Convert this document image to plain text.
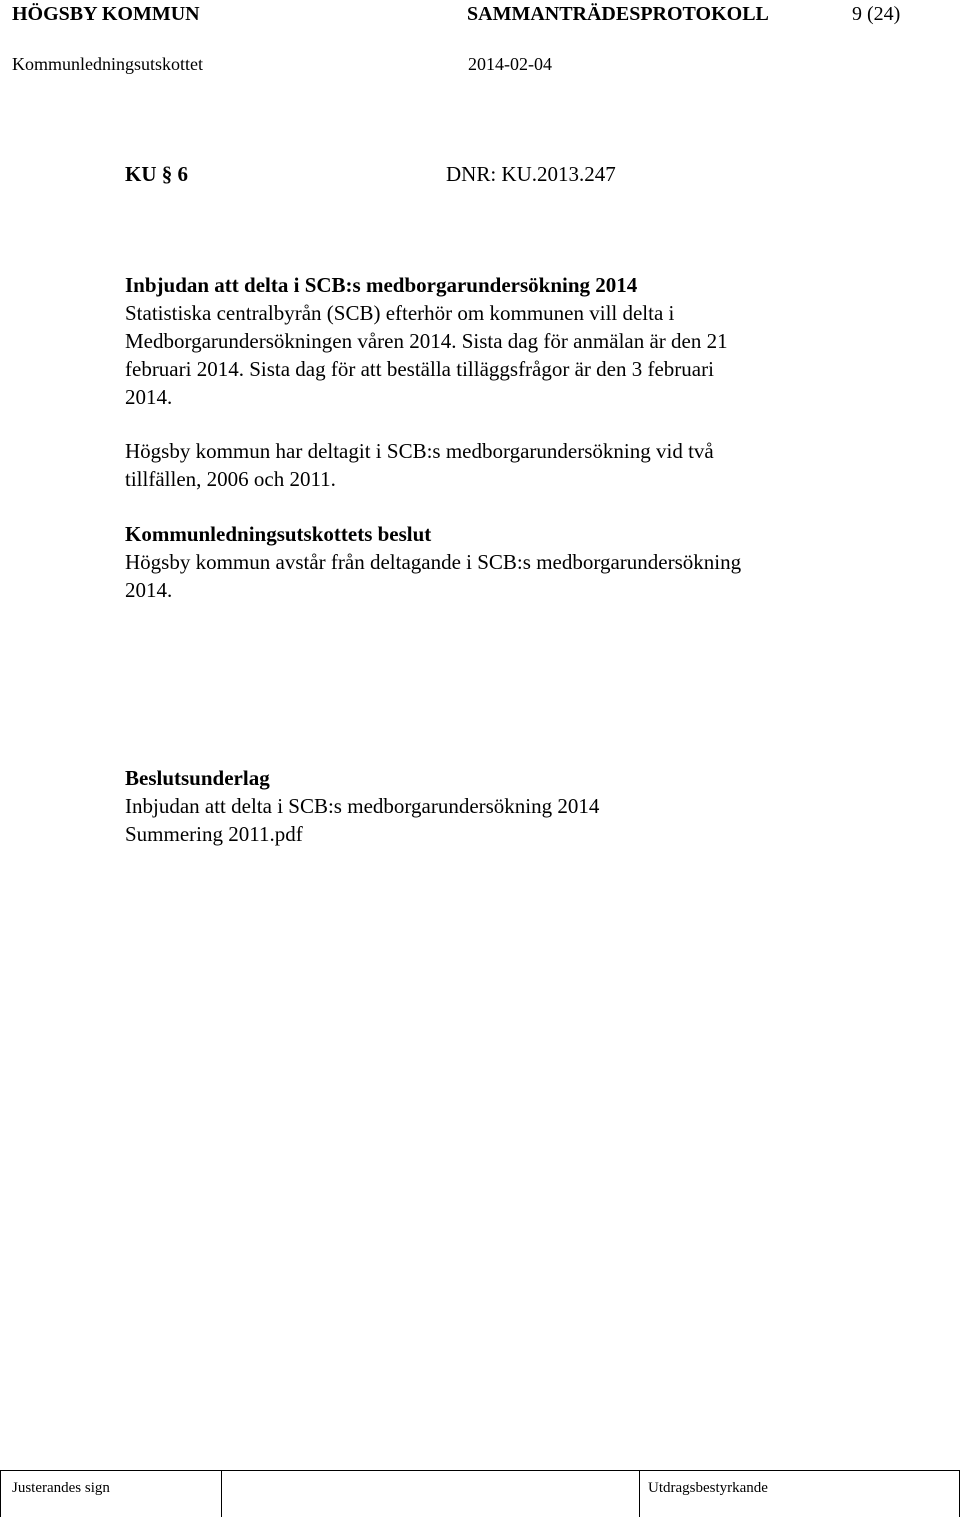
HÖGSBY KOMMUN	SAMMANTRÄDESPROTOKOLL	9 (24)
Kommunledningsutskottet	2014-02-04
KU § 6	DNR: KU.2013.247
Inbjudan att delta i SCB:s medborgarundersökning 2014
Statistiska centralbyrån (SCB) efterhör om kommunen vill delta i
Medborgarundersökningen våren 2014. Sista dag för anmälan är den 21
februari 2014. Sista dag för att beställa tilläggsfrågor är den 3 februari
2014.
Högsby kommun har deltagit i SCB:s medborgarundersökning vid två
tillfällen, 2006 och 2011.
Kommunledningsutskottets beslut
Högsby kommun avstår från deltagande i SCB:s medborgarundersökning
2014.
Beslutsunderlag
Inbjudan att delta i SCB:s medborgarundersökning 2014
Summering 2011.pdf
Justerandes sign	Utdragsbestyrkande
